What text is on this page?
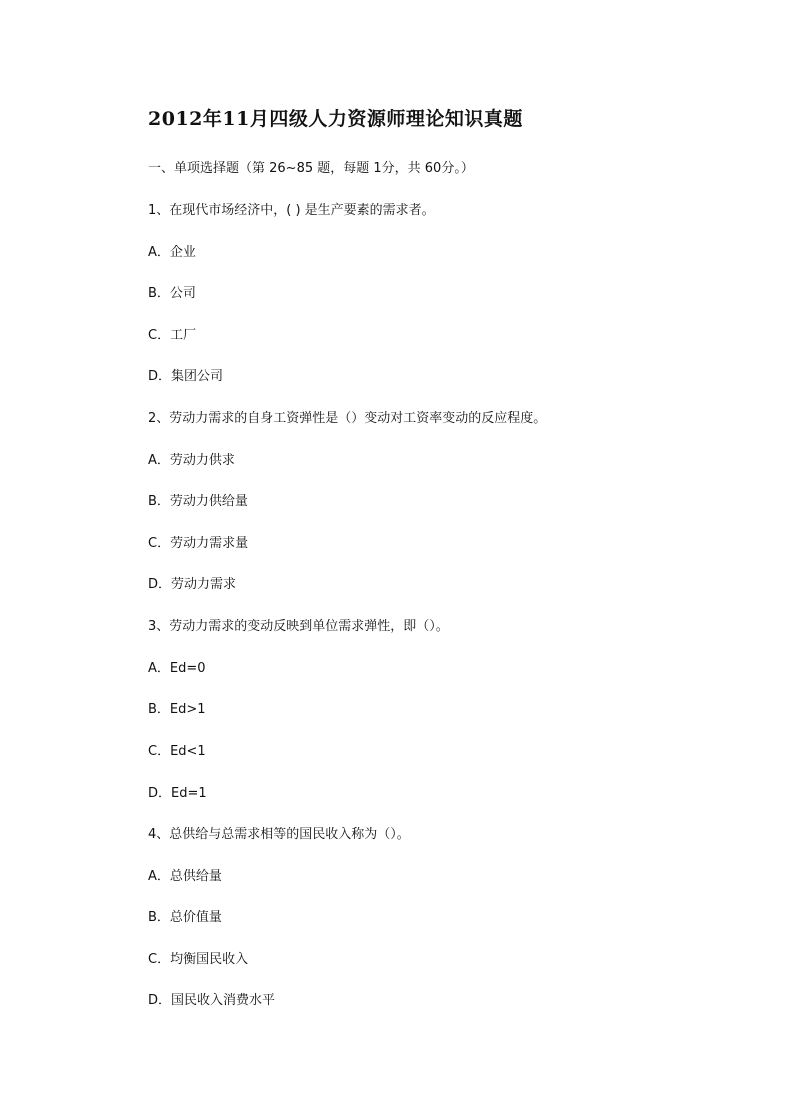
2012年11月四级人力资源师理论知识真题
一、单项选择题（第 26~85 题，每题 1分，共 60分。）
1、在现代市场经济中，( ) 是生产要素的需求者。
A．企业
B．公司
C．工厂
D．集团公司
2、劳动力需求的自身工资弹性是（）变动对工资率变动的反应程度。
A．劳动力供求
B．劳动力供给量
C．劳动力需求量
D．劳动力需求
3、劳动力需求的变动反映到单位需求弹性，即（）。
A．Ed=0
B．Ed>1
C．Ed<1
D．Ed=1
4、总供给与总需求相等的国民收入称为（）。
A．总供给量
B．总价值量
C．均衡国民收入
D．国民收入消费水平
